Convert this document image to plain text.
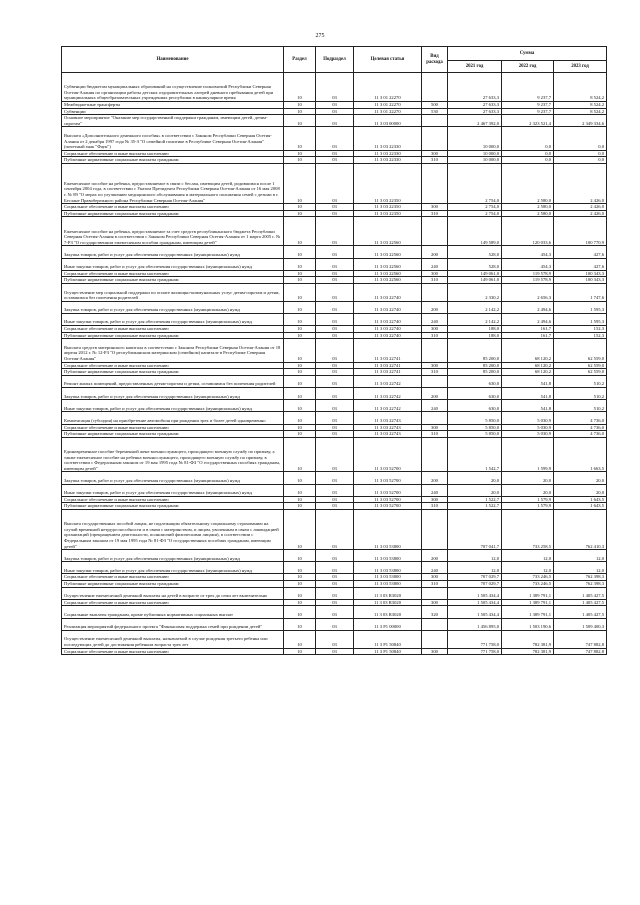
275
Наименование	Раздел	Подраздел	Целевая статья	Вид расхода	Сумма		
					2021 год	2022 год	2023 год
Субвенции бюджетам муниципальных образований на осуществление полномочий Республики Северная Осетия-Алания по организации работы детских оздоровительных лагерей дневного пребывания детей при муниципальных общеобразовательных учреждениях республики в каникулярное время	10	03	11 3 01 22270		27 633,3	9 237,7	8 524,2
Межбюджетные трансферты	10	03	11 3 01 22270	500	27 633,3	9 237,7	8 524,2
Субвенции	10	03	11 3 01 22270	530	27 633,3	9 237,7	8 524,2
Основное мероприятие "Оказание мер государственной поддержки гражданам, имеющим детей, детям-сиротам"	10	03	11 3 03 00000		2 467 392,0	2 323 521,4	2 349 334,6
Выплата «Дополнительного денежного пособия» в соответствии с Законом Республики Северная Осетия-Алания от 2 декабря 1997 года № 35-З "О семейной политике в Республике Северная Осетия-Алания" (почетный знак "Фаун")	10	03	11 3 03 22330		10 000,0	0,0	0,0
Социальное обеспечение и иные выплаты населению	10	03	11 3 03 22330	300	10 000,0	0,0	0,0
Публичные нормативные социальные выплаты гражданам	10	03	11 3 03 22330	310	10 000,0	0,0	0,0
Ежемесячное пособие на ребенка, предоставляемое в связи с беслан, имеющим детей, родившимся после 1 сентября 2004 года, в соответствии с Указом Президента Республики Северная Осетия-Алания от 16 мая 2008 г. № 89 "О мерах по улучшению медицинского обслуживания и материального положения семей с детьми в г. Беслане Правобережного района Республики Северная Осетия-Алания"	10	03	11 3 03 22350		2 754,0	2 580,0	2 426,0
Социальное обеспечение и иные выплаты населению	10	03	11 3 03 22350	300	2 754,0	2 580,0	2 426,0
Публичные нормативные социальные выплаты гражданам	10	03	11 3 03 22350	310	2 754,0	2 580,0	2 426,0
Ежемесячное пособие на ребенка, предоставляемое за счет средств республиканского бюджета Республики Северная Осетия-Алания в соответствии с Законом Республики Северная Осетия-Алания от 1 марта 2005 г. № 7-РЗ "О государственном ежемесячном пособии гражданам, имеющим детей"	10	03	11 3 03 22560		149 589,0	120 033,6	100 770,9
Закупка товаров, работ и услуг для обеспечения государственных (муниципальных) нужд	10	03	11 3 03 22560	200	528,0	454,3	427,6
Иные закупки товаров, работ и услуг для обеспечения государственных (муниципальных) нужд	10	03	11 3 03 22560	240	528,0	454,3	427,6
Социальное обеспечение и иные выплаты населению	10	03	11 3 03 22560	300	149 061,0	119 578,9	100 343,3
Публичные нормативные социальные выплаты гражданам	10	03	11 3 03 22560	310	149 061,0	119 578,9	100 343,3
Осуществление мер социальной поддержки по оплате жилищно-коммунальных услуг детям-сиротам и детям, оставшимся без попечения родителей	10	03	11 3 03 22740		2 330,2	2 656,3	1 747,6
Закупка товаров, работ и услуг для обеспечения государственных (муниципальных) нужд	10	03	11 3 03 22740	200	2 142,2	2 494,6	1 595,3
Иные закупки товаров, работ и услуг для обеспечения государственных (муниципальных) нужд	10	03	11 3 03 22740	240	2 142,2	2 494,6	1 595,3
Социальное обеспечение и иные выплаты населению	10	03	11 3 03 22740	300	188,0	161,7	152,3
Публичные нормативные социальные выплаты гражданам	10	03	11 3 03 22740	310	188,0	161,7	152,3
Выплата средств материнского капитала в соответствии с Законом Республики Северная Осетия-Алания от 18 апреля 2012 г. № 12-РЗ "О республиканском материнском (семейном) капитале в Республике Северная Осетия-Алания"	10	03	11 3 03 22741		85 200,0	68 120,2	62 559,0
Социальное обеспечение и иные выплаты населению	10	03	11 3 03 22741	300	85 200,0	68 120,2	62 559,0
Публичные нормативные социальные выплаты гражданам	10	03	11 3 03 22741	310	85 200,0	68 120,2	62 559,0
Ремонт жилых помещений, предоставленных детям-сиротам и детям, оставшимся без попечения родителей	10	03	11 3 03 22742		630,0	541,8	510,2
Закупка товаров, работ и услуг для обеспечения государственных (муниципальных) нужд	10	03	11 3 03 22742	200	630,0	541,8	510,2
Иные закупки товаров, работ и услуг для обеспечения государственных (муниципальных) нужд	10	03	11 3 03 22742	240	630,0	541,8	510,2
Компенсация (субсидия) на приобретение автомобиля при рождении трех и более детей одновременно	10	03	11 3 03 22743		5 850,0	5 030,9	4 736,0
Социальное обеспечение и иные выплаты населению	10	03	11 3 03 22743	300	5 850,0	5 030,9	4 736,0
Публичные нормативные социальные выплаты гражданам	10	03	11 3 03 22743	310	5 850,0	5 030,9	4 736,0
Единовременное пособие беременной жене военнослужащего, проходящего военную службу по призыву, а также ежемесячное пособие на ребенка военнослужащего, проходящего военную службу по призыву, в соответствии с Федеральным законом от 19 мая 1995 года № 81-ФЗ "О государственных пособиях гражданам, имеющим детей"	10	03	11 3 03 52700		1 542,7	1 599,9	1 663,5
Закупка товаров, работ и услуг для обеспечения государственных (муниципальных) нужд	10	03	11 3 03 52700	200	20,0	20,0	20,0
Иные закупки товаров, работ и услуг для обеспечения государственных (муниципальных) нужд	10	03	11 3 03 52700	240	20,0	20,0	20,0
Социальное обеспечение и иные выплаты населению	10	03	11 3 03 52700	300	1 522,7	1 579,9	1 643,5
Публичные нормативные социальные выплаты гражданам	10	03	11 3 03 52700	310	1 522,7	1 579,9	1 643,5
Выплата государственных пособий лицам, не подлежащим обязательному социальному страхованию на случай временной нетрудоспособности и в связи с материнством, и лицам, уволенным в связи с ликвидацией организаций (прекращением деятельности, полномочий физическими лицами), в соответствии с Федеральным законом от 19 мая 1995 года № 81-ФЗ "О государственных пособиях гражданам, имеющим детей"	10	03	11 3 03 53800		707 041,7	733 258,5	762 410,3
Закупка товаров, работ и услуг для обеспечения государственных (муниципальных) нужд	10	03	11 3 03 53800	200	12,0	12,0	12,0
Иные закупки товаров, работ и услуг для обеспечения государственных (муниципальных) нужд	10	03	11 3 03 53800	240	12,0	12,0	12,0
Социальное обеспечение и иные выплаты населению	10	03	11 3 03 53800	300	707 029,7	733 246,5	762 398,3
Публичные нормативные социальные выплаты гражданам	10	03	11 3 03 53800	310	707 029,7	733 246,5	762 398,3
Осуществление ежемесячной денежной выплаты на детей в возрасте от трех до семи лет включительно	10	03	11 3 03 R3020		1 505 434,4	1 389 791,1	1 405 427,5
Социальное обеспечение и иные выплаты населению	10	03	11 3 03 R3020	300	1 505 434,4	1 389 791,1	1 405 427,5
Социальные выплаты гражданам, кроме публичных нормативных социальных выплат	10	03	11 3 03 R3020	320	1 505 434,4	1 389 791,1	1 405 427,5
Реализация мероприятий федерального проекта "Финансовая поддержка семей при рождении детей"	10	03	11 3 P1 00000		1 456 895,0	1 503 190,6	1 509 400,3
Осуществление ежемесячной денежной выплаты, назначаемой в случае рождения третьего ребенка или последующих детей до достижения ребенком возраста трех лет	10	03	11 3 P1 50840		771 758,0	782 381,9	747 882,8
Социальное обеспечение и иные выплаты населению	10	03	11 3 P1 50840	300	771 758,0	782 381,9	747 882,8
